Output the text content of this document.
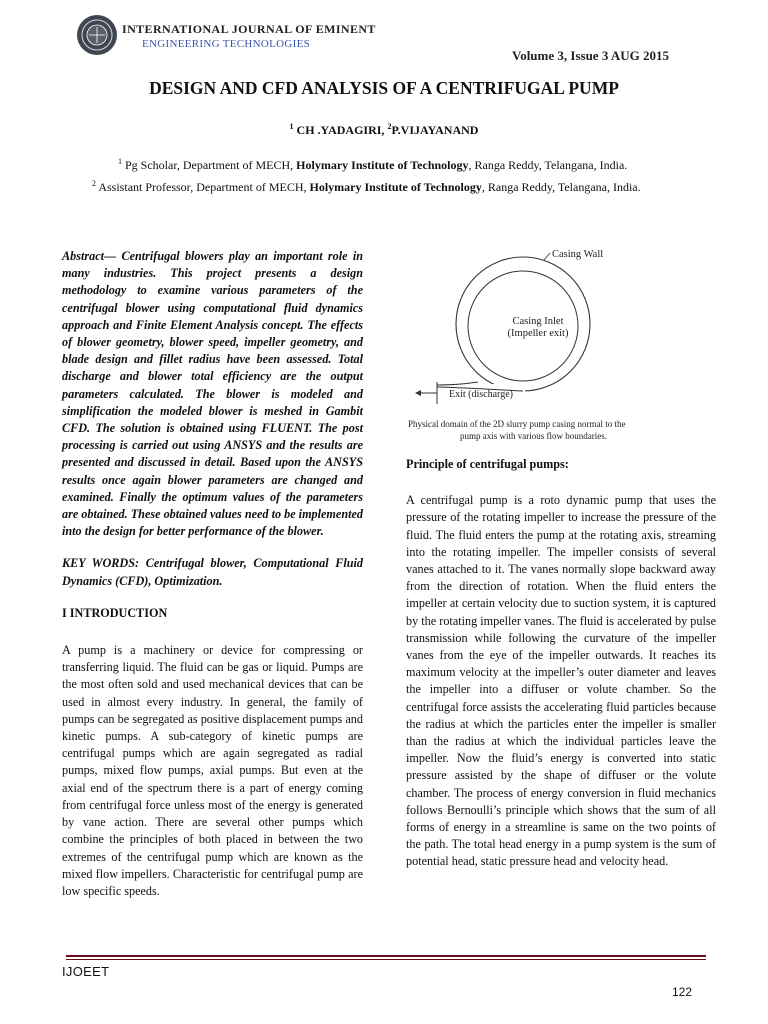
INTERNATIONAL JOURNAL OF EMINENT
ENGINEERING TECHNOLOGIES
Volume 3, Issue 3 AUG 2015
DESIGN AND CFD ANALYSIS OF A CENTRIFUGAL PUMP
$^1$ CH .YADAGIRI, $^2$P.VIJAYANAND
$^1$ Pg Scholar, Department of MECH, Holymary Institute of Technology, Ranga Reddy, Telangana, India.
$^2$ Assistant Professor, Department of MECH, Holymary Institute of Technology, Ranga Reddy, Telangana, India.

Abstract— Centrifugal blowers play an important role in many industries. This project presents a design methodology to examine various parameters of the centrifugal blower using computational fluid dynamics approach and Finite Element Analysis concept. The effects of blower geometry, blower speed, impeller geometry, and blade design and fillet radius have been assessed. Total discharge and blower total efficiency are the output parameters calculated. The blower is modeled and simplification the modeled blower is meshed in Gambit CFD. The solution is obtained using FLUENT. The post processing is carried out using ANSYS and the results are presented and discussed in detail. Based upon the ANSYS results once again blower parameters are changed and examined. Finally the optimum values of the parameters are obtained. These obtained values need to be implemented into the design for better performance of the blower.

KEY WORDS: Centrifugal blower, Computational Fluid Dynamics (CFD), Optimization.

I INTRODUCTION

A pump is a machinery or device for compressing or transferring liquid. The fluid can be gas or liquid. Pumps are the most often sold and used mechanical devices that can be used in almost every industry. In general, the family of pumps can be segregated as positive displacement pumps and kinetic pumps. A sub-category of kinetic pumps are centrifugal pumps which are again segregated as radial pumps, mixed flow pumps, axial pumps. But even at the axial end of the spectrum there is a part of energy coming from centrifugal force unless most of the energy is generated by vane action. There are several other pumps which combine the principles of both placed in between the two extremes of the centrifugal pump which are known as the mixed flow impellers. Characteristic for centrifugal pump are low specific speeds.

Casing Wall
Casing Inlet
(Impeller exit)
Exit (discharge)
Physical domain of the 2D slurry pump casing normal to the
pump axis with various flow boundaries.

Principle of centrifugal pumps:

A centrifugal pump is a roto dynamic pump that uses the pressure of the rotating impeller to increase the pressure of the fluid. The fluid enters the pump at the rotating axis, streaming into the rotating impeller. The impeller consists of several vanes attached to it. The vanes normally slope backward away from the direction of rotation. When the fluid enters the impeller at certain velocity due to suction system, it is captured by the rotating impeller vanes. The fluid is accelerated by pulse transmission while following the curvature of the impeller vanes from the eye of the impeller outwards. It reaches its maximum velocity at the impeller’s outer diameter and leaves the impeller into a diffuser or volute chamber. So the centrifugal force assists the accelerating fluid particles because the radius at which the particles enter the impeller is smaller than the radius at which the individual particles leave the impeller. Now the fluid’s energy is converted into static pressure assisted by the shape of diffuser or the volute chamber. The process of energy conversion in fluid mechanics follows Bernoulli’s principle which shows that the sum of all forms of energy in a streamline is same on the two points of the path. The total head energy in a pump system is the sum of potential head, static pressure head and velocity head.

IJOEET
122
